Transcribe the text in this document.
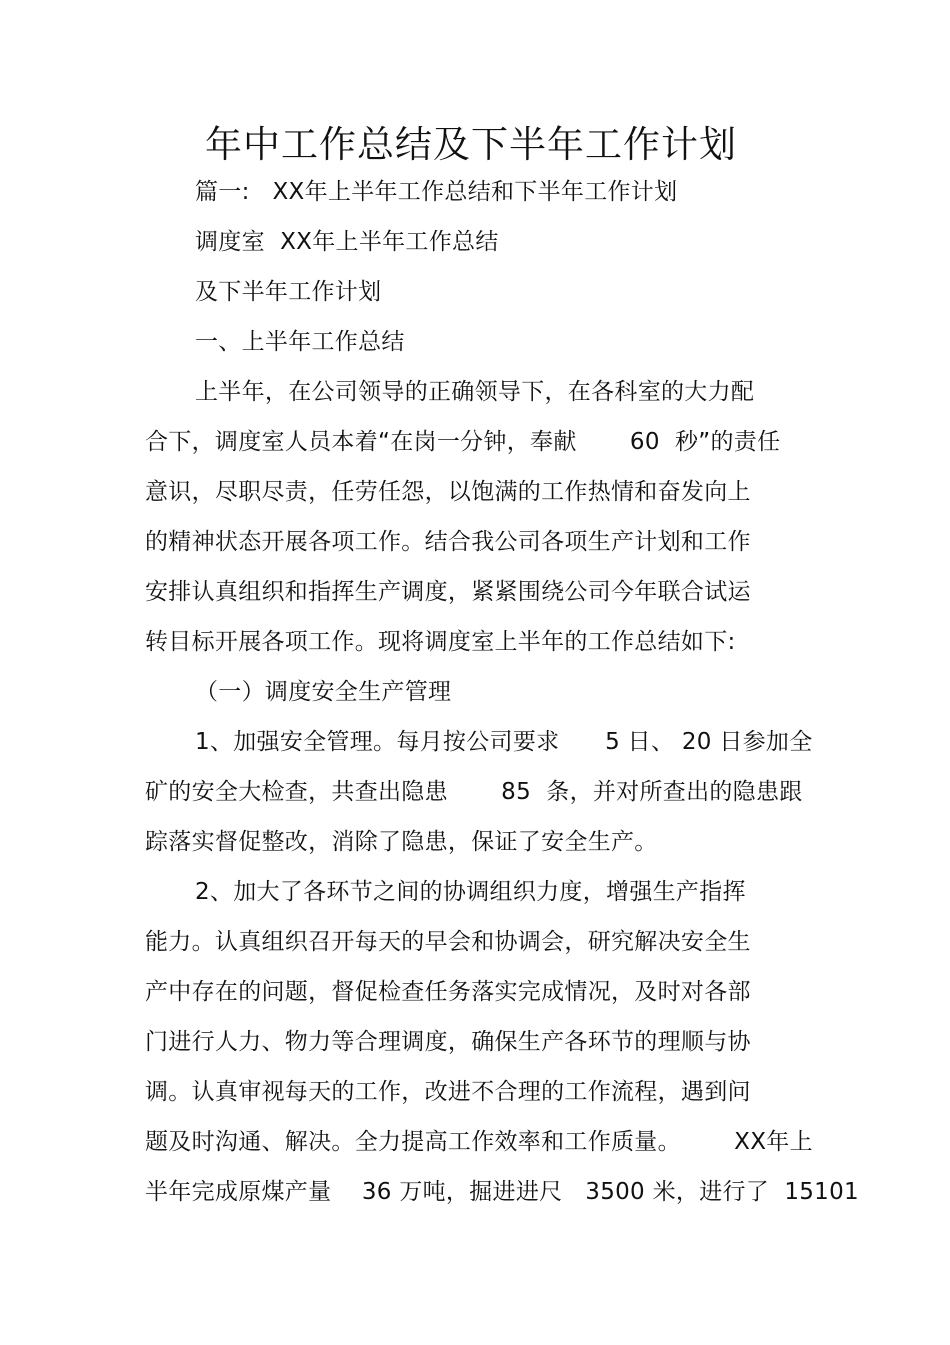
年中工作总结及下半年工作计划
篇一:   XX年上半年工作总结和下半年工作计划
调度室  XX年上半年工作总结
及下半年工作计划
一、上半年工作总结
上半年，在公司领导的正确领导下，在各科室的大力配
合下，调度室人员本着“在岗一分钟，奉献       60  秒”的责任
意识，尽职尽责，任劳任怨，以饱满的工作热情和奋发向上
的精神状态开展各项工作。结合我公司各项生产计划和工作
安排认真组织和指挥生产调度，紧紧围绕公司今年联合试运
转目标开展各项工作。现将调度室上半年的工作总结如下:
（一）调度安全生产管理
1、加强安全管理。每月按公司要求      5 日、 20 日参加全
矿的安全大检查，共查出隐患       85  条，并对所查出的隐患跟
踪落实督促整改，消除了隐患，保证了安全生产。
2、加大了各环节之间的协调组织力度，增强生产指挥
能力。认真组织召开每天的早会和协调会，研究解决安全生
产中存在的问题，督促检查任务落实完成情况，及时对各部
门进行人力、物力等合理调度，确保生产各环节的理顺与协
调。认真审视每天的工作，改进不合理的工作流程，遇到问
题及时沟通、解决。全力提高工作效率和工作质量。       XX年上
半年完成原煤产量    36 万吨，掘进进尺   3500 米，进行了  15101
